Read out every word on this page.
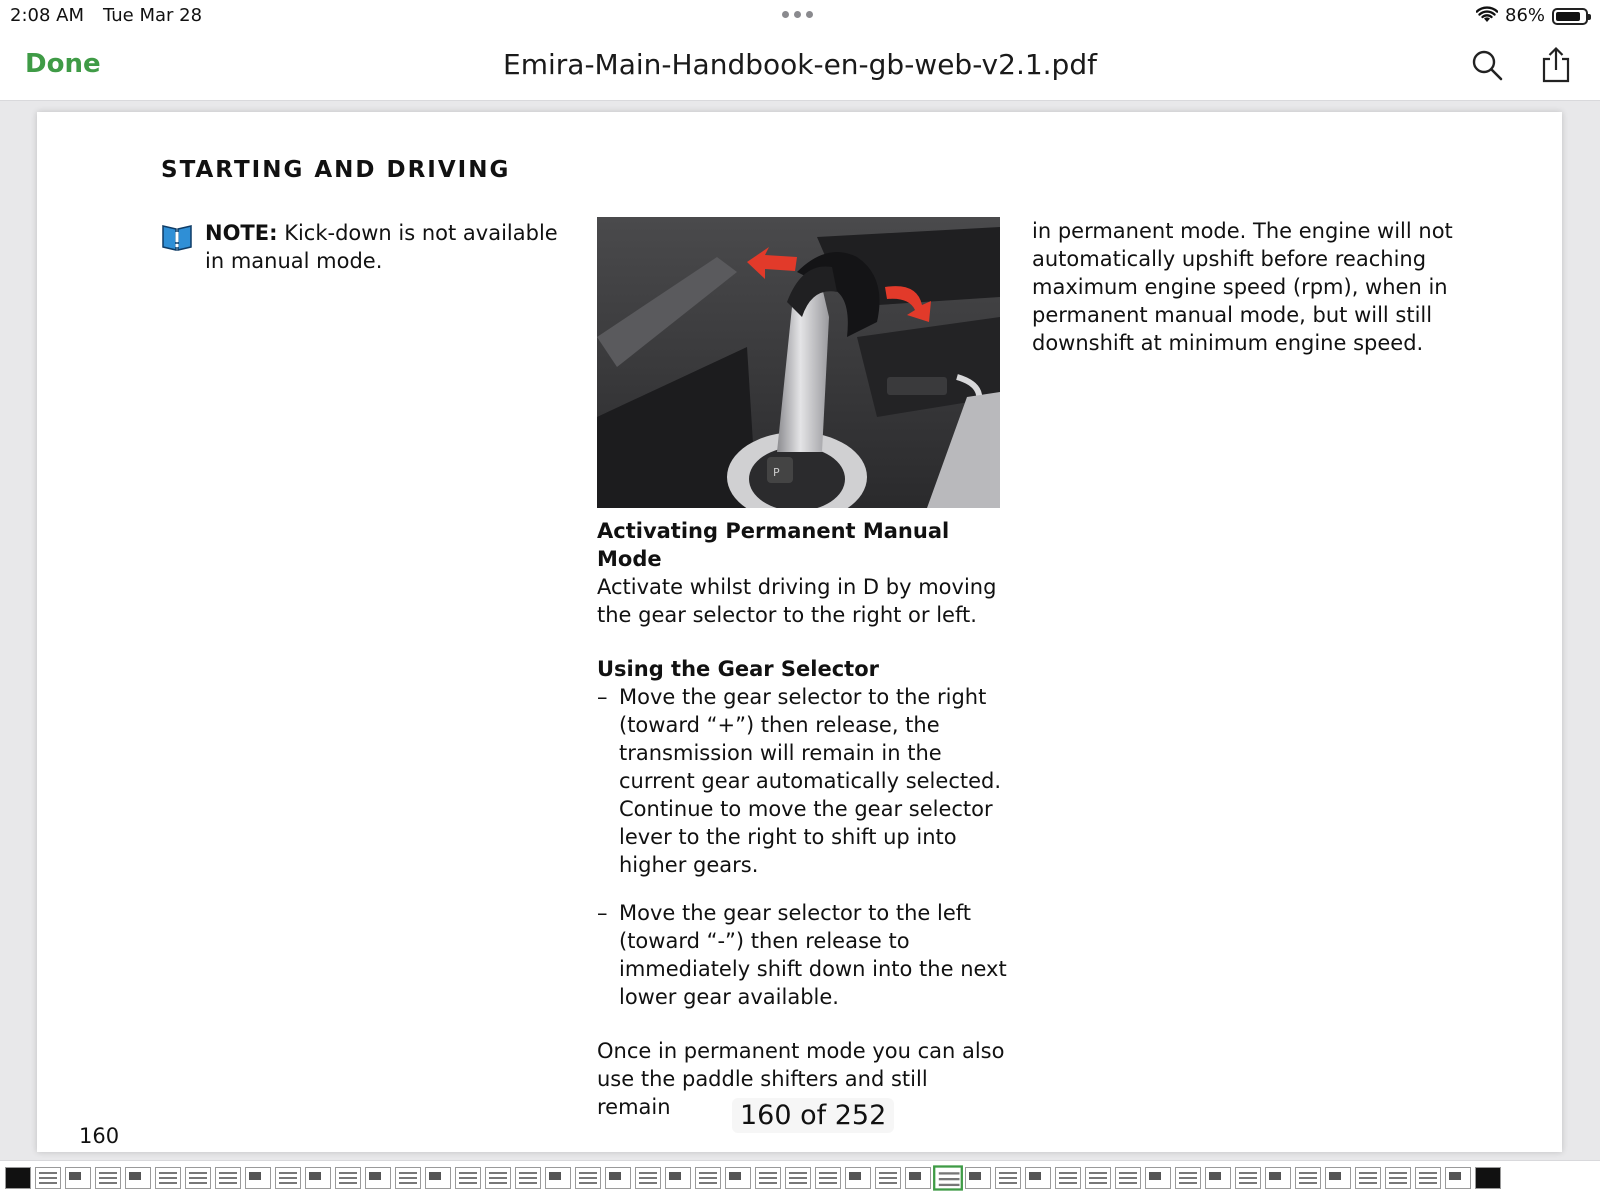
2:08 AM Tue Mar 28	86%
Done	Emira-Main-Handbook-en-gb-web-v2.1.pdf
STARTING AND DRIVING
NOTE: Kick-down is not available in manual mode.
P

Activating Permanent Manual Mode

Activate whilst driving in D by moving the gear selector to the right or left.

Using the Gear Selector

– Move the gear selector to the right (toward “+”) then release, the transmission will remain in the current gear automatically selected. Continue to move the gear selector lever to the right to shift up into higher gears.
– Move the gear selector to the left (toward “-”) then release to immediately shift down into the next lower gear available.

Once in permanent mode you can also use the paddle shifters and still remain

in permanent mode. The engine will not automatically upshift before reaching maximum engine speed (rpm), when in permanent manual mode, but will still downshift at minimum engine speed.
160
160 of 252
